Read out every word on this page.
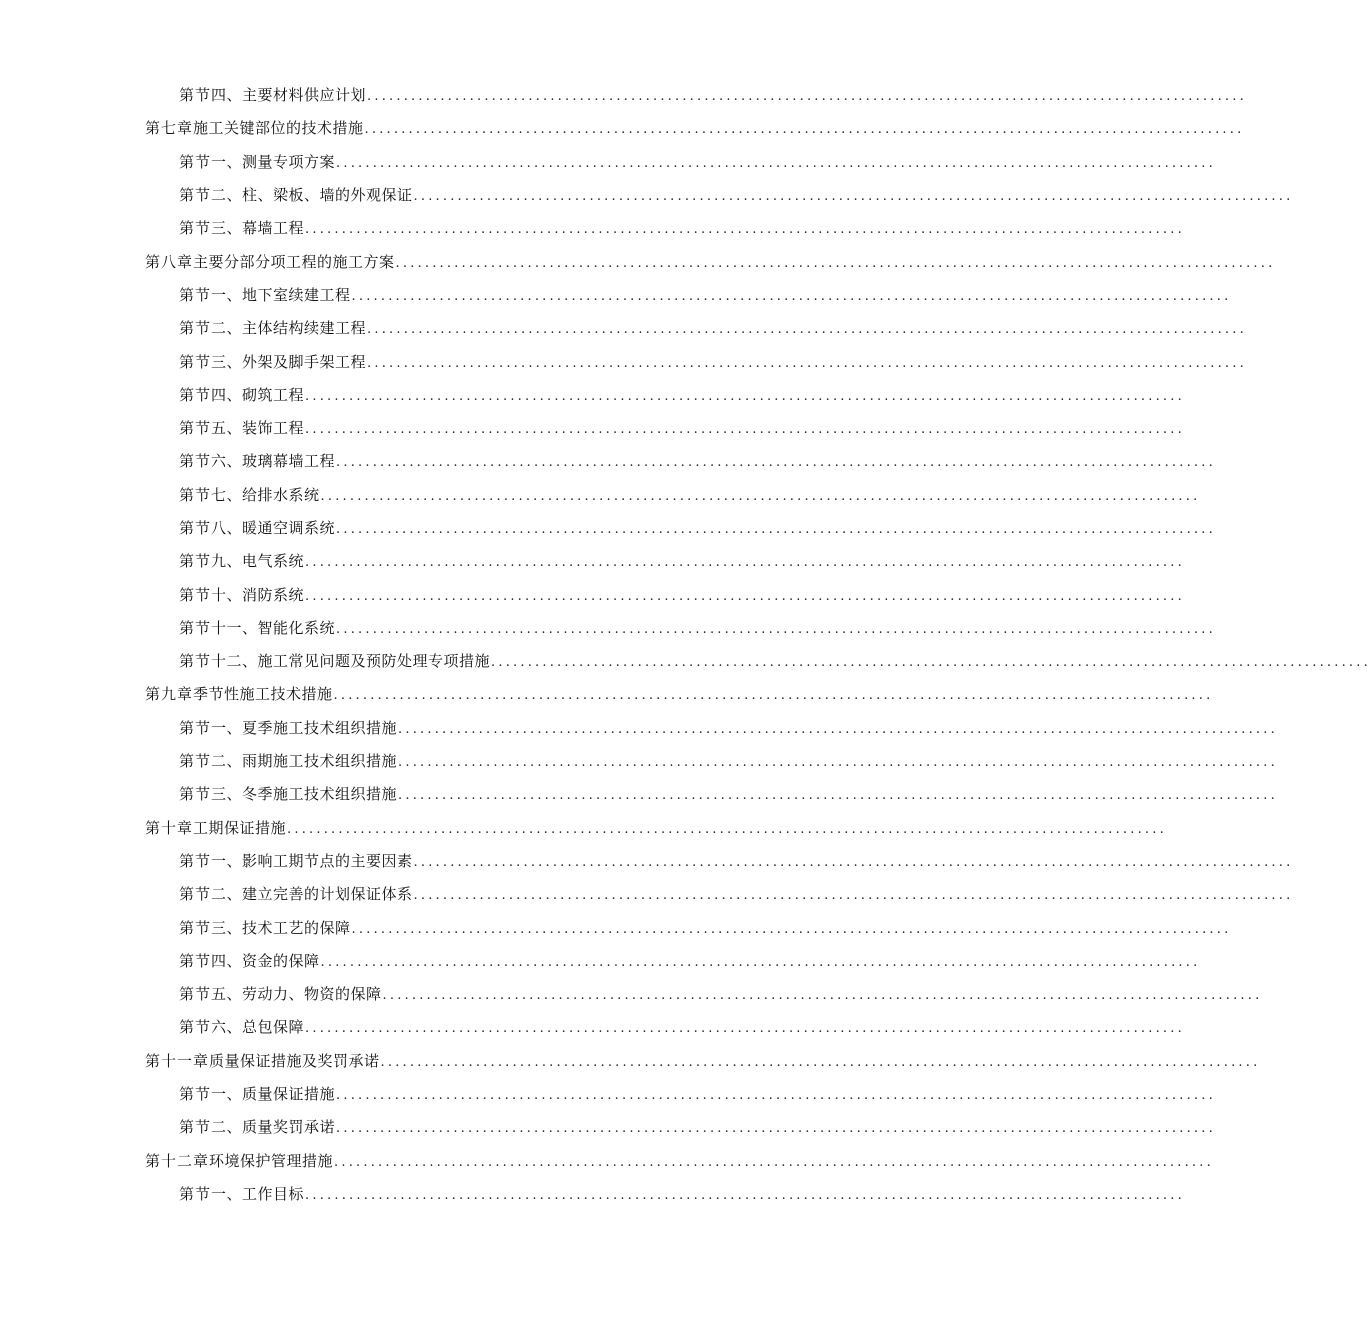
第节 四、主要材料供应计划 ........................................................................................................................
第七章 施工关键部位的技术措施 ........................................................................................................................
第节 一、测量专项方案 ........................................................................................................................
第节 二、柱、梁板、墙的外观保证 ........................................................................................................................
第节 三、幕墙工程 ........................................................................................................................
第八章 主要分部分项工程的施工方案 ........................................................................................................................
第节 一、地下室续建工程 ........................................................................................................................
第节 二、主体结构续建工程 ........................................................................................................................
第节 三、外架及脚手架工程 ........................................................................................................................
第节 四、砌筑工程 ........................................................................................................................
第节 五、装饰工程 ........................................................................................................................
第节 六、玻璃幕墙工程 ........................................................................................................................
第节 七、给排水系统 ........................................................................................................................
第节 八、暖通空调系统 ........................................................................................................................
第节 九、电气系统 ........................................................................................................................
第节 十、消防系统 ........................................................................................................................
第节 十一、智能化系统 ........................................................................................................................
第节 十二、施工常见问题及预防处理专项措施 ........................................................................................................................
第九章 季节性施工技术措施 ........................................................................................................................
第节 一、夏季施工技术组织措施 ........................................................................................................................
第节 二、雨期施工技术组织措施 ........................................................................................................................
第节 三、冬季施工技术组织措施 ........................................................................................................................
第十章 工期保证措施 ........................................................................................................................
第节 一、影响工期节点的主要因素 ........................................................................................................................
第节 二、建立完善的计划保证体系 ........................................................................................................................
第节 三、技术工艺的保障 ........................................................................................................................
第节 四、资金的保障 ........................................................................................................................
第节 五、劳动力、物资的保障 ........................................................................................................................
第节 六、总包保障 ........................................................................................................................
第十一章 质量保证措施及奖罚承诺 ........................................................................................................................
第节 一、质量保证措施 ........................................................................................................................
第节 二、质量奖罚承诺 ........................................................................................................................
第十二章 环境保护管理措施 ........................................................................................................................
第节 一、工作目标 ........................................................................................................................
